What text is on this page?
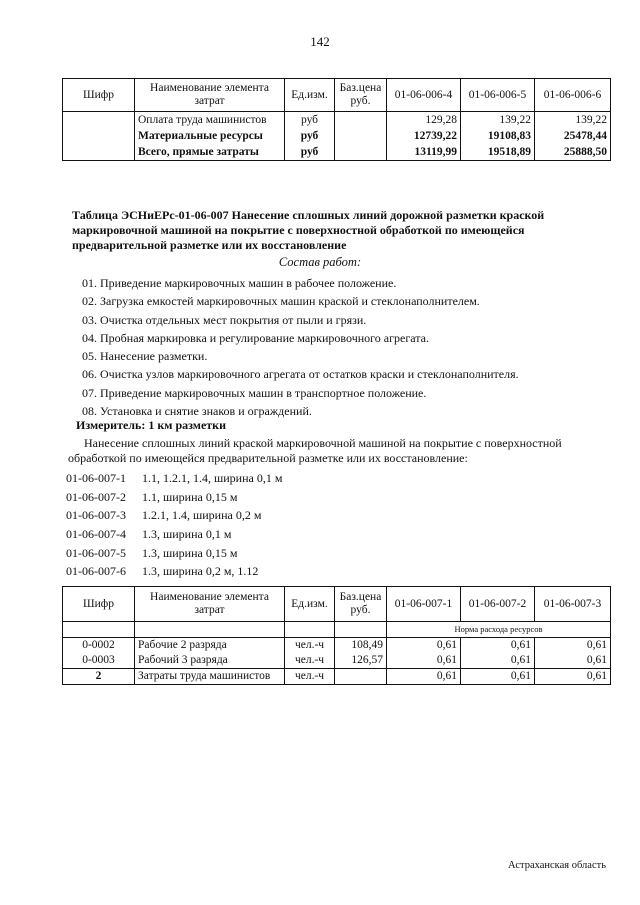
142
Шифр	Наименование элемента затрат	Ед.изм.	Баз.цена руб.	01-06-006-4	01-06-006-5	01-06-006-6
	Оплата труда машинистов	руб		129,28	139,22	139,22
	Материальные ресурсы	руб		12739,22	19108,83	25478,44
	Всего, прямые затраты	руб		13119,99	19518,89	25888,50
Таблица ЭСНиЕРс-01-06-007 Нанесение сплошных линий дорожной разметки краской маркировочной машиной на покрытие с поверхностной обработкой по имеющейся предварительной разметке или их восстановление
Состав работ:
01. Приведение маркировочных машин в рабочее положение.
02. Загрузка емкостей маркировочных машин краской и стеклонаполнителем.
03. Очистка отдельных мест покрытия от пыли и грязи.
04. Пробная маркировка и регулирование маркировочного агрегата.
05. Нанесение разметки.
06. Очистка узлов маркировочного агрегата от остатков краски и стеклонаполнителя.
07. Приведение маркировочных машин в транспортное положение.
08. Установка и снятие знаков и ограждений.
Измеритель: 1 км разметки
Нанесение сплошных линий краской маркировочной машиной на покрытие с поверхностной
обработкой по имеющейся предварительной разметке или их восстановление:
01-06-007-1 1.1, 1.2.1, 1.4, ширина 0,1 м
01-06-007-2 1.1, ширина 0,15 м
01-06-007-3 1.2.1, 1.4, ширина 0,2 м
01-06-007-4 1.3, ширина 0,1 м
01-06-007-5 1.3, ширина 0,15 м
01-06-007-6 1.3, ширина 0,2 м, 1.12
Шифр	Наименование элемента затрат	Ед.изм.	Баз.цена руб.	01-06-007-1	01-06-007-2	01-06-007-3
				Норма расхода ресурсов		
0-0002	Рабочие 2 разряда	чел.-ч	108,49	0,61	0,61	0,61
0-0003	Рабочий 3 разряда	чел.-ч	126,57	0,61	0,61	0,61
2	Затраты труда машинистов	чел.-ч		0,61	0,61	0,61
Астраханская область
